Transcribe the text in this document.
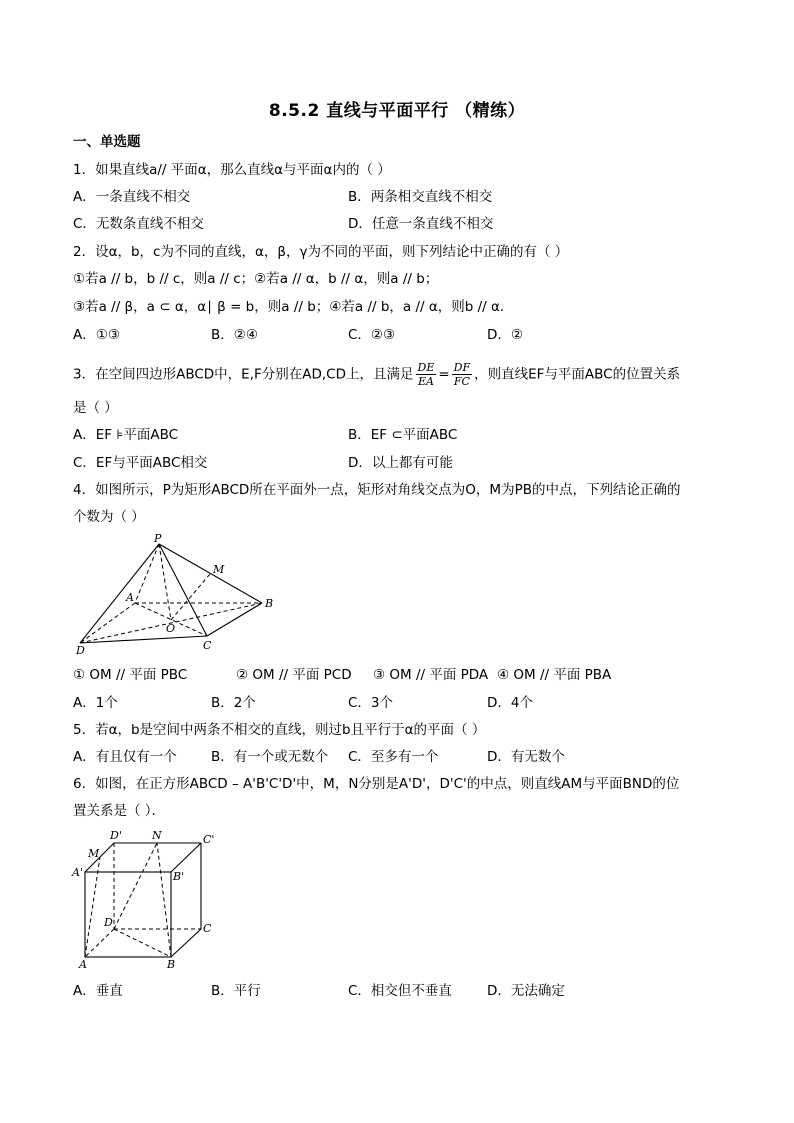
8.5.2 直线与平面平行 （精练）
一、单选题
1．如果直线a// 平面α，那么直线α与平面α内的（ ）
A．一条直线不相交	B．两条相交直线不相交
C．无数条直线不相交	D．任意一条直线不相交
2．设α，b，c为不同的直线，α，β，γ为不同的平面，则下列结论中正确的有（ ）
①若a // b，b // c，则a // c；②若a // α，b // α，则a // b；
③若a // β，a ⊂ α，α∣ β = b，则a // b；④若a // b，a // α，则b // α．
A．①③	B．②④	C．②③	D．②
3．在空间四边形ABCD中，E,F分别在AD,CD上，且满足 $\frac{DE}{EA} = \frac{DF}{FC}$ ，则直线EF与平面ABC的位置关系
是（ ）
A．EF ⊧平面ABC	B．EF ⊂平面ABC
C．EF与平面ABC相交	D．以上都有可能
4．如图所示，P为矩形ABCD所在平面外一点，矩形对角线交点为O，M为PB的中点，下列结论正确的
个数为（ ）
P
M
A	B
O
D	C
① OM // 平面 PBC	② OM // 平面 PCD ③ OM // 平面 PDA ④ OM // 平面 PBA
A．1个	B．2个	C．3个	D．4个
5．若α，b是空间中两条不相交的直线，则过b且平行于α的平面（ ）
A．有且仅有一个	B．有一个或无数个 C．至多有一个	D．有无数个
6．如图，在正方形ABCD – A'B'C'D'中，M，N分别是A'D'，D'C'的中点，则直线AM与平面BND的位
置关系是（ ）．
D'	N	C'
M
A'	B'
D	C
A	B
A．垂直	B．平行	C．相交但不垂直	D．无法确定
